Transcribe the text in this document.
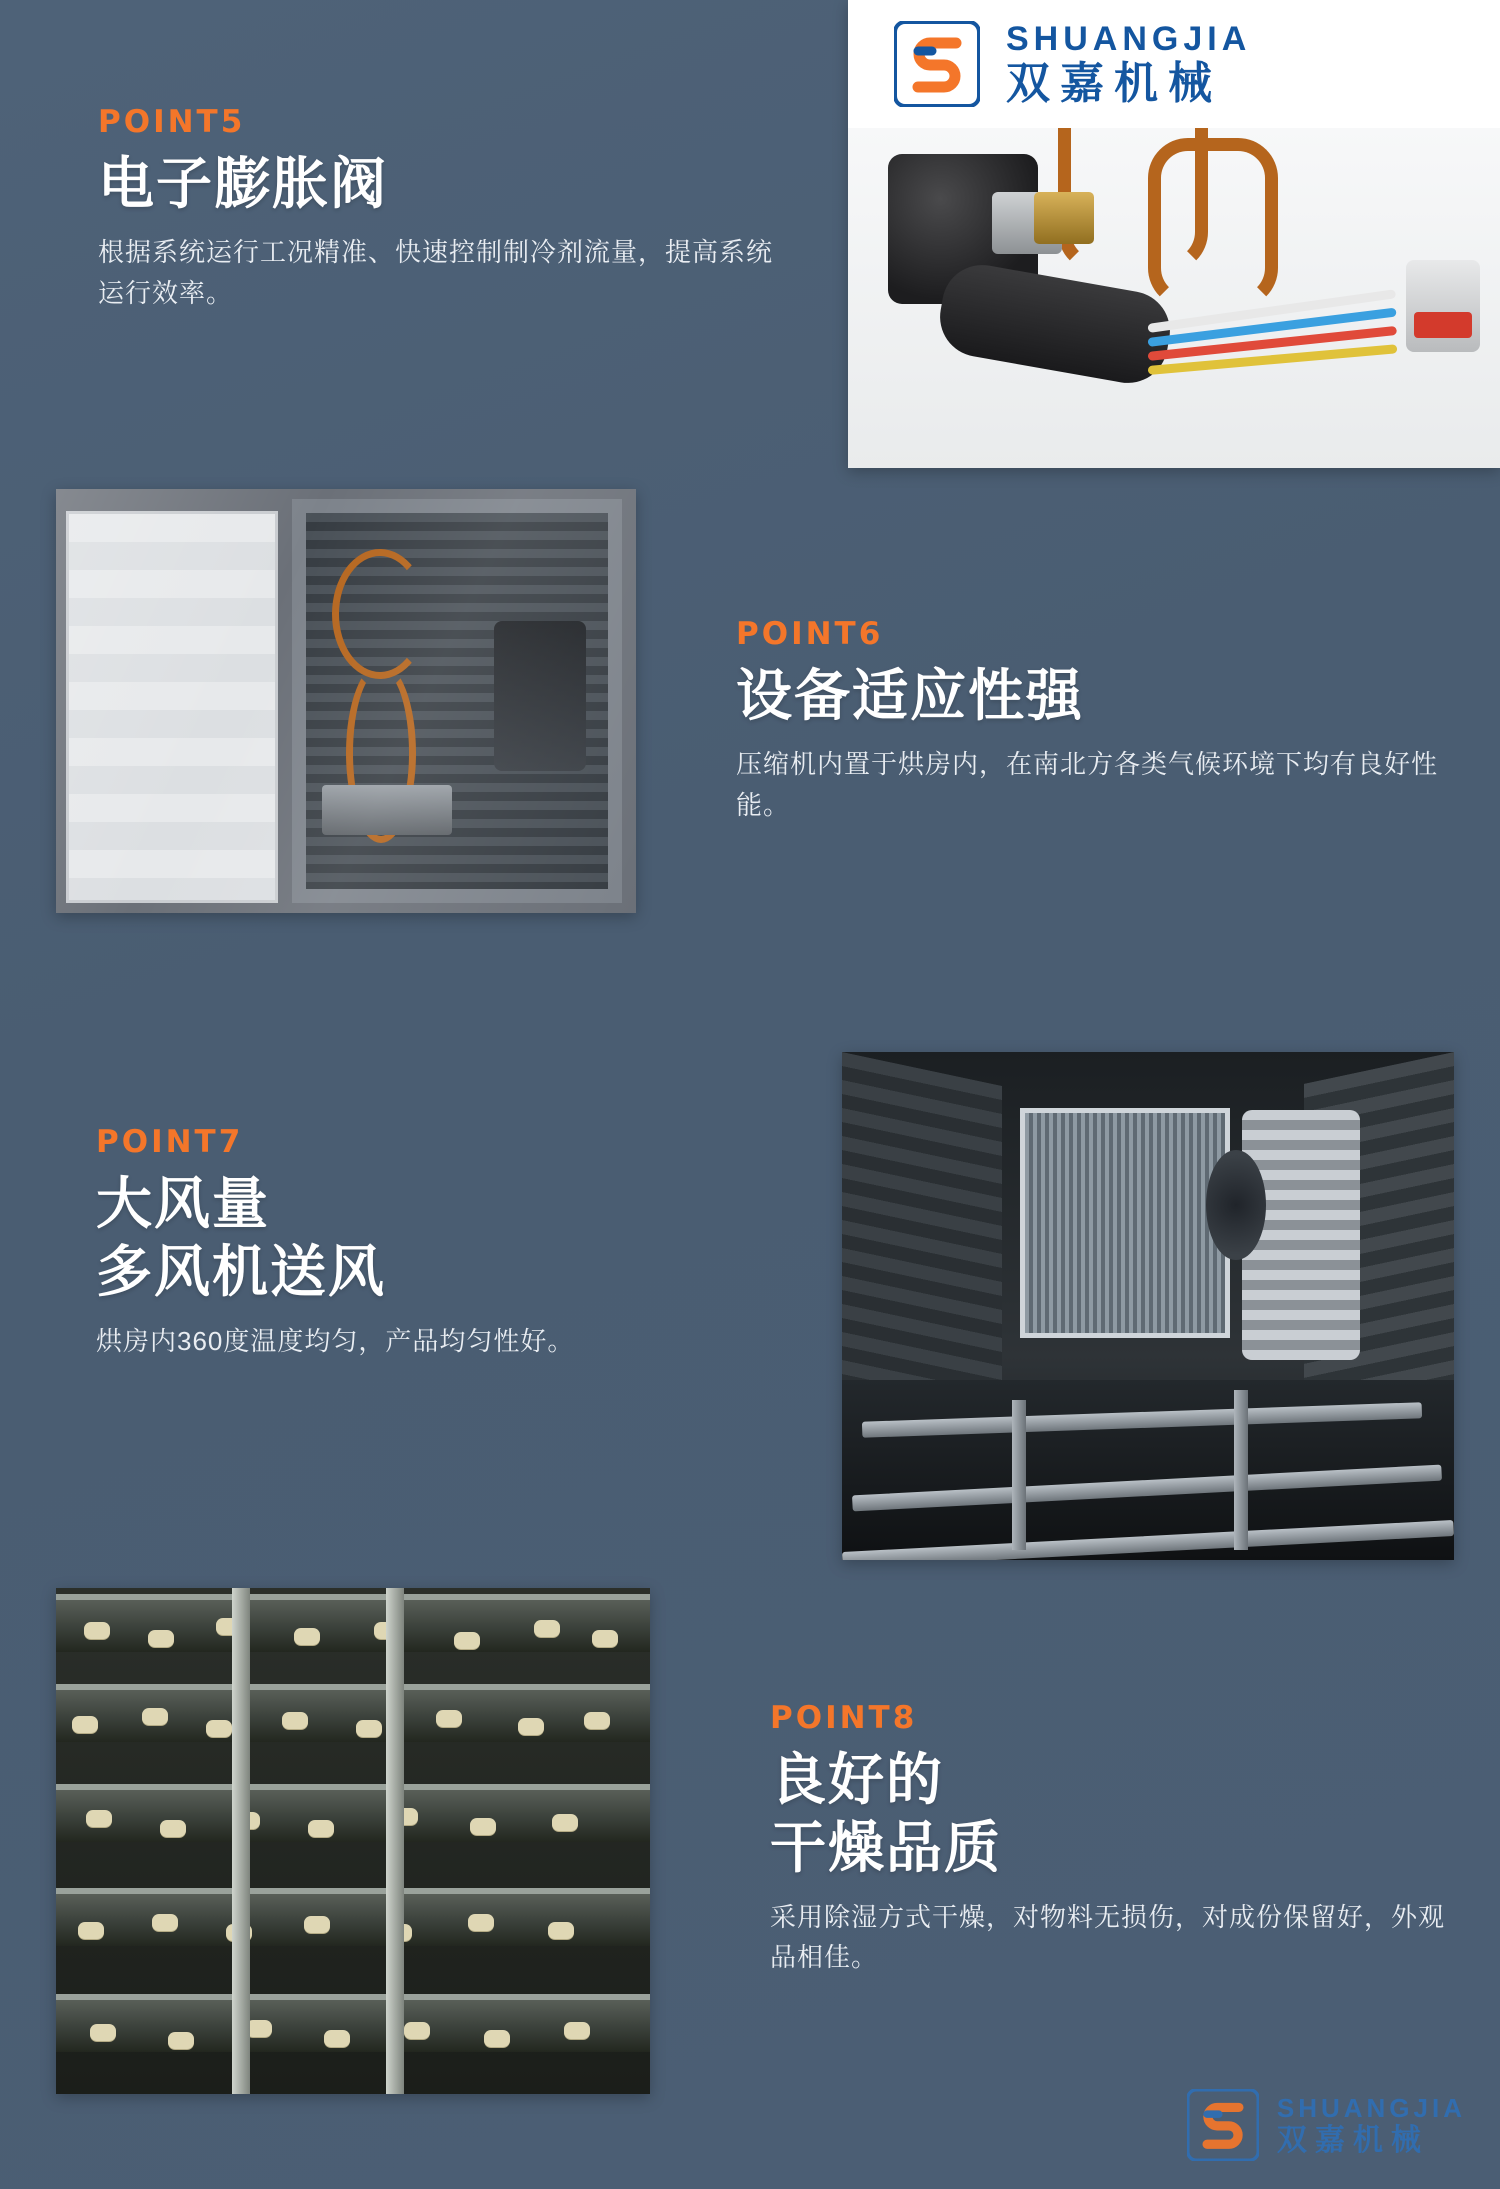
POINT5
电子膨胀阀
根据系统运行工况精准、快速控制制冷剂流量，提高系统运行效率。
SHUANGJIA
双嘉机械
POINT6
设备适应性强
压缩机内置于烘房内，在南北方各类气候环境下均有良好性能。
POINT7
大风量
多风机送风
烘房内360度温度均匀，产品均匀性好。
POINT8
良好的
干燥品质
采用除湿方式干燥，对物料无损伤，对成份保留好，外观品相佳。
SHUANGJIA
双嘉机械
